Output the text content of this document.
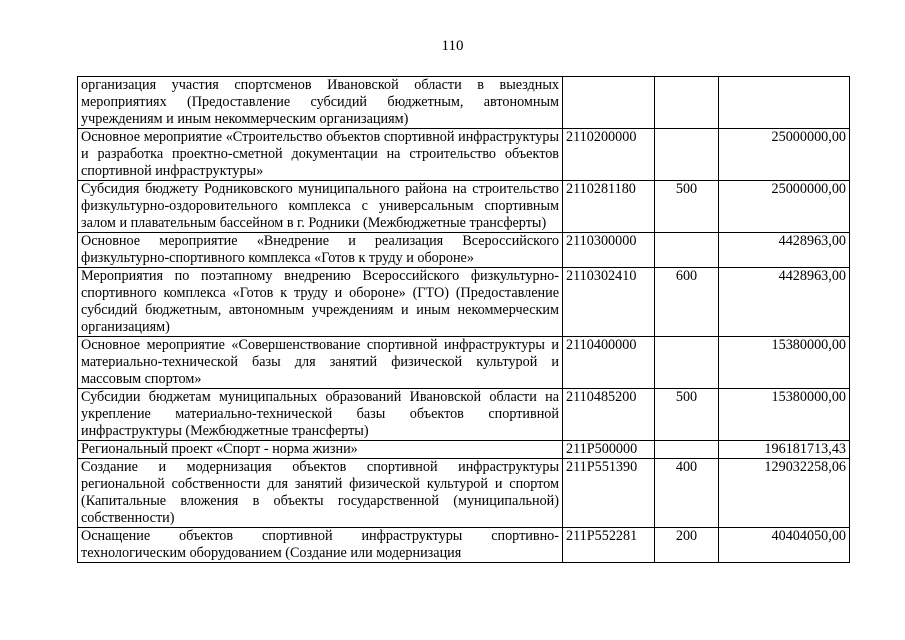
110
организация участия спортсменов Ивановской области в выездных мероприятиях (Предоставление субсидий бюджетным, автономным учреждениям и иным некоммерческим организациям)			
Основное мероприятие «Строительство объектов спортивной инфраструктуры и разработка проектно-сметной документации на строительство объектов спортивной инфраструктуры»	2110200000		25000000,00
Субсидия бюджету Родниковского муниципального района на строительство физкультурно-оздоровительного комплекса с универсальным спортивным залом и плавательным бассейном в г. Родники (Межбюджетные трансферты)	2110281180	500	25000000,00
Основное мероприятие «Внедрение и реализация Всероссийского физкультурно-спортивного комплекса «Готов к труду и обороне»	2110300000		4428963,00
Мероприятия по поэтапному внедрению Всероссийского физкультурно-спортивного комплекса «Готов к труду и обороне» (ГТО) (Предоставление субсидий бюджетным, автономным учреждениям и иным некоммерческим организациям)	2110302410	600	4428963,00
Основное мероприятие «Совершенствование спортивной инфраструктуры и материально-технической базы для занятий физической культурой и массовым спортом»	2110400000		15380000,00
Субсидии бюджетам муниципальных образований Ивановской области на укрепление материально-технической базы объектов спортивной инфраструктуры (Межбюджетные трансферты)	2110485200	500	15380000,00
Региональный проект «Спорт - норма жизни»	211P500000		196181713,43
Создание и модернизация объектов спортивной инфраструктуры региональной собственности для занятий физической культурой и спортом (Капитальные вложения в объекты государственной (муниципальной) собственности)	211P551390	400	129032258,06
Оснащение объектов спортивной инфраструктуры спортивно-технологическим оборудованием (Создание или модернизация	211P552281	200	40404050,00
